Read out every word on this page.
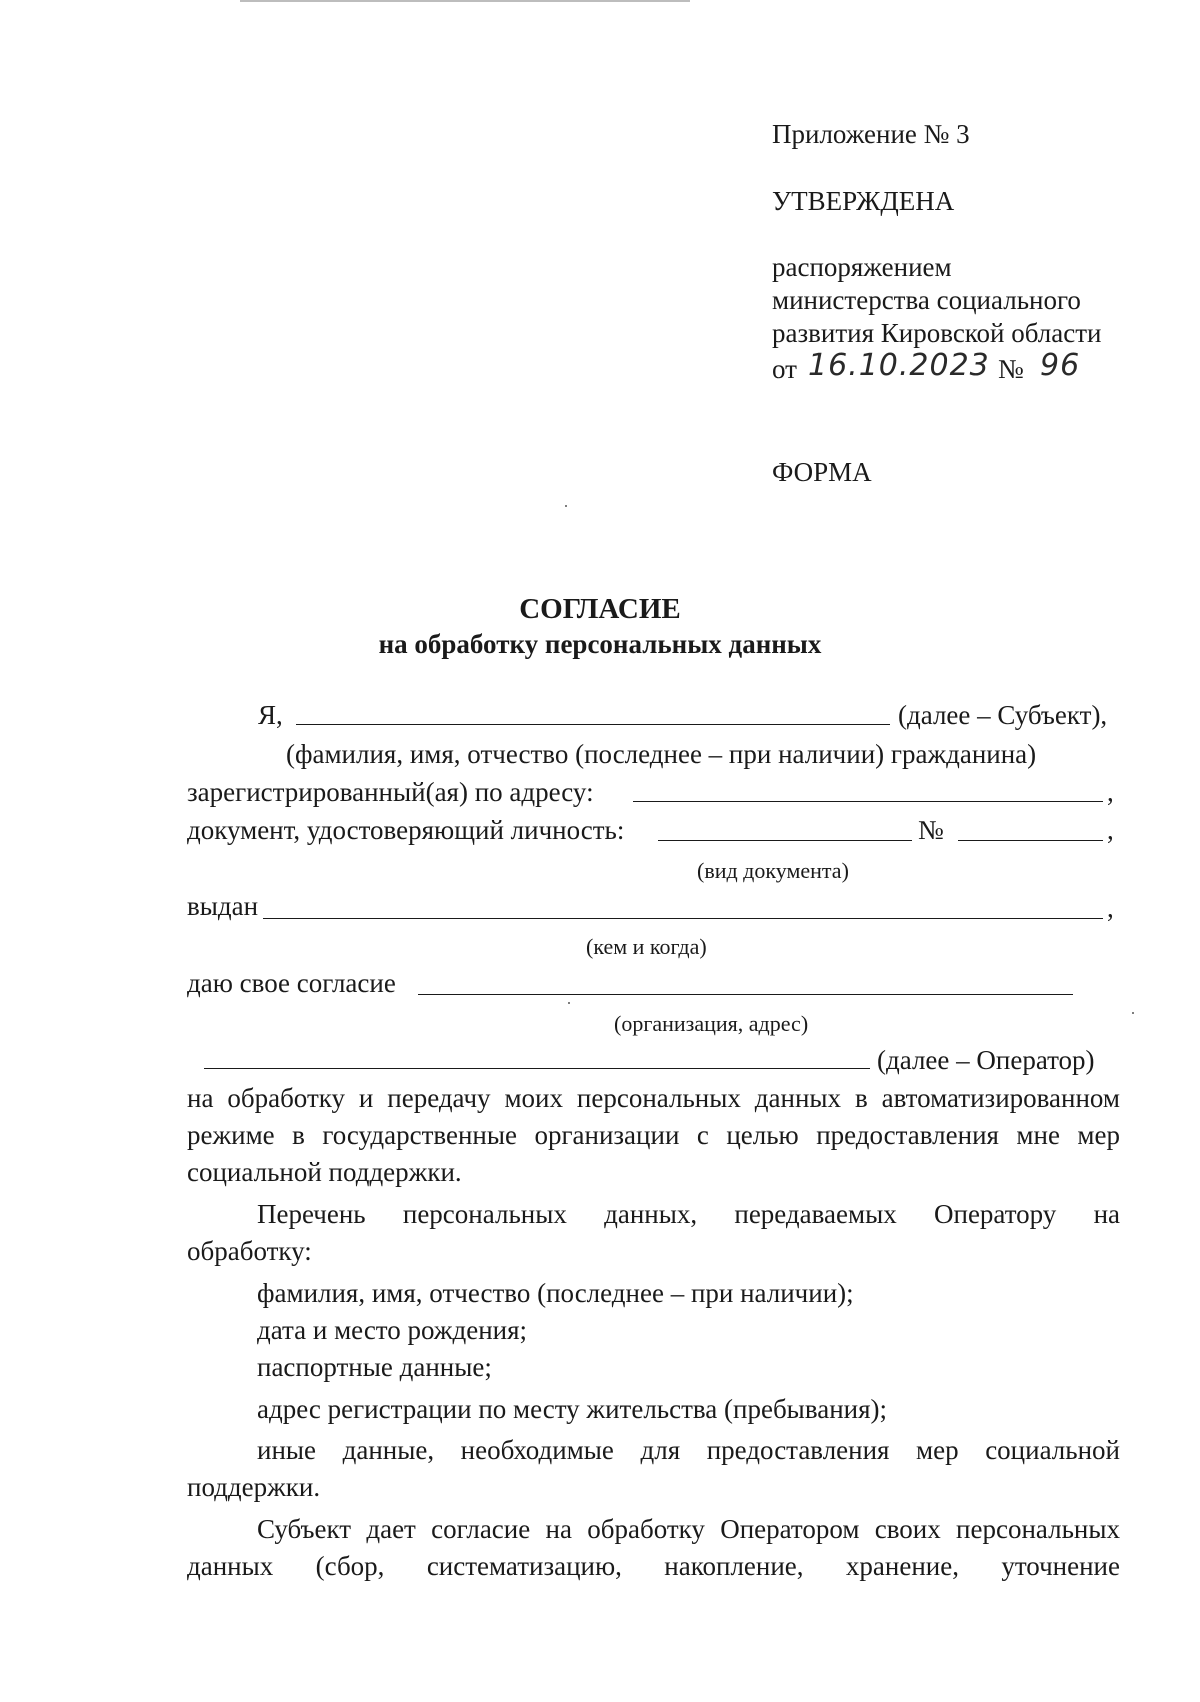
Приложение № 3
УТВЕРЖДЕНА
распоряжением
министерства социального
развития Кировской области
от 16.10.2023 № 96
ФОРМА
СОГЛАСИЕ
на обработку персональных данных
Я,	(далее – Субъект),
(фамилия, имя, отчество (последнее – при наличии) гражданина)
зарегистрированный(ая) по адресу:	,
документ, удостоверяющий личность:	№	,
(вид документа)
выдан	,
(кем и когда)
даю свое согласие
(организация, адрес)
(далее – Оператор)
на обработку и передачу моих персональных данных в автоматизированном
режиме в государственные организации с целью предоставления мне мер
социальной поддержки.
Перечень персональных данных, передаваемых Оператору на
обработку:
фамилия, имя, отчество (последнее – при наличии);
дата и место рождения;
паспортные данные;
адрес регистрации по месту жительства (пребывания);
иные данные, необходимые для предоставления мер социальной
поддержки.
Субъект дает согласие на обработку Оператором своих персональных
данных (сбор, систематизацию, накопление, хранение, уточнение
